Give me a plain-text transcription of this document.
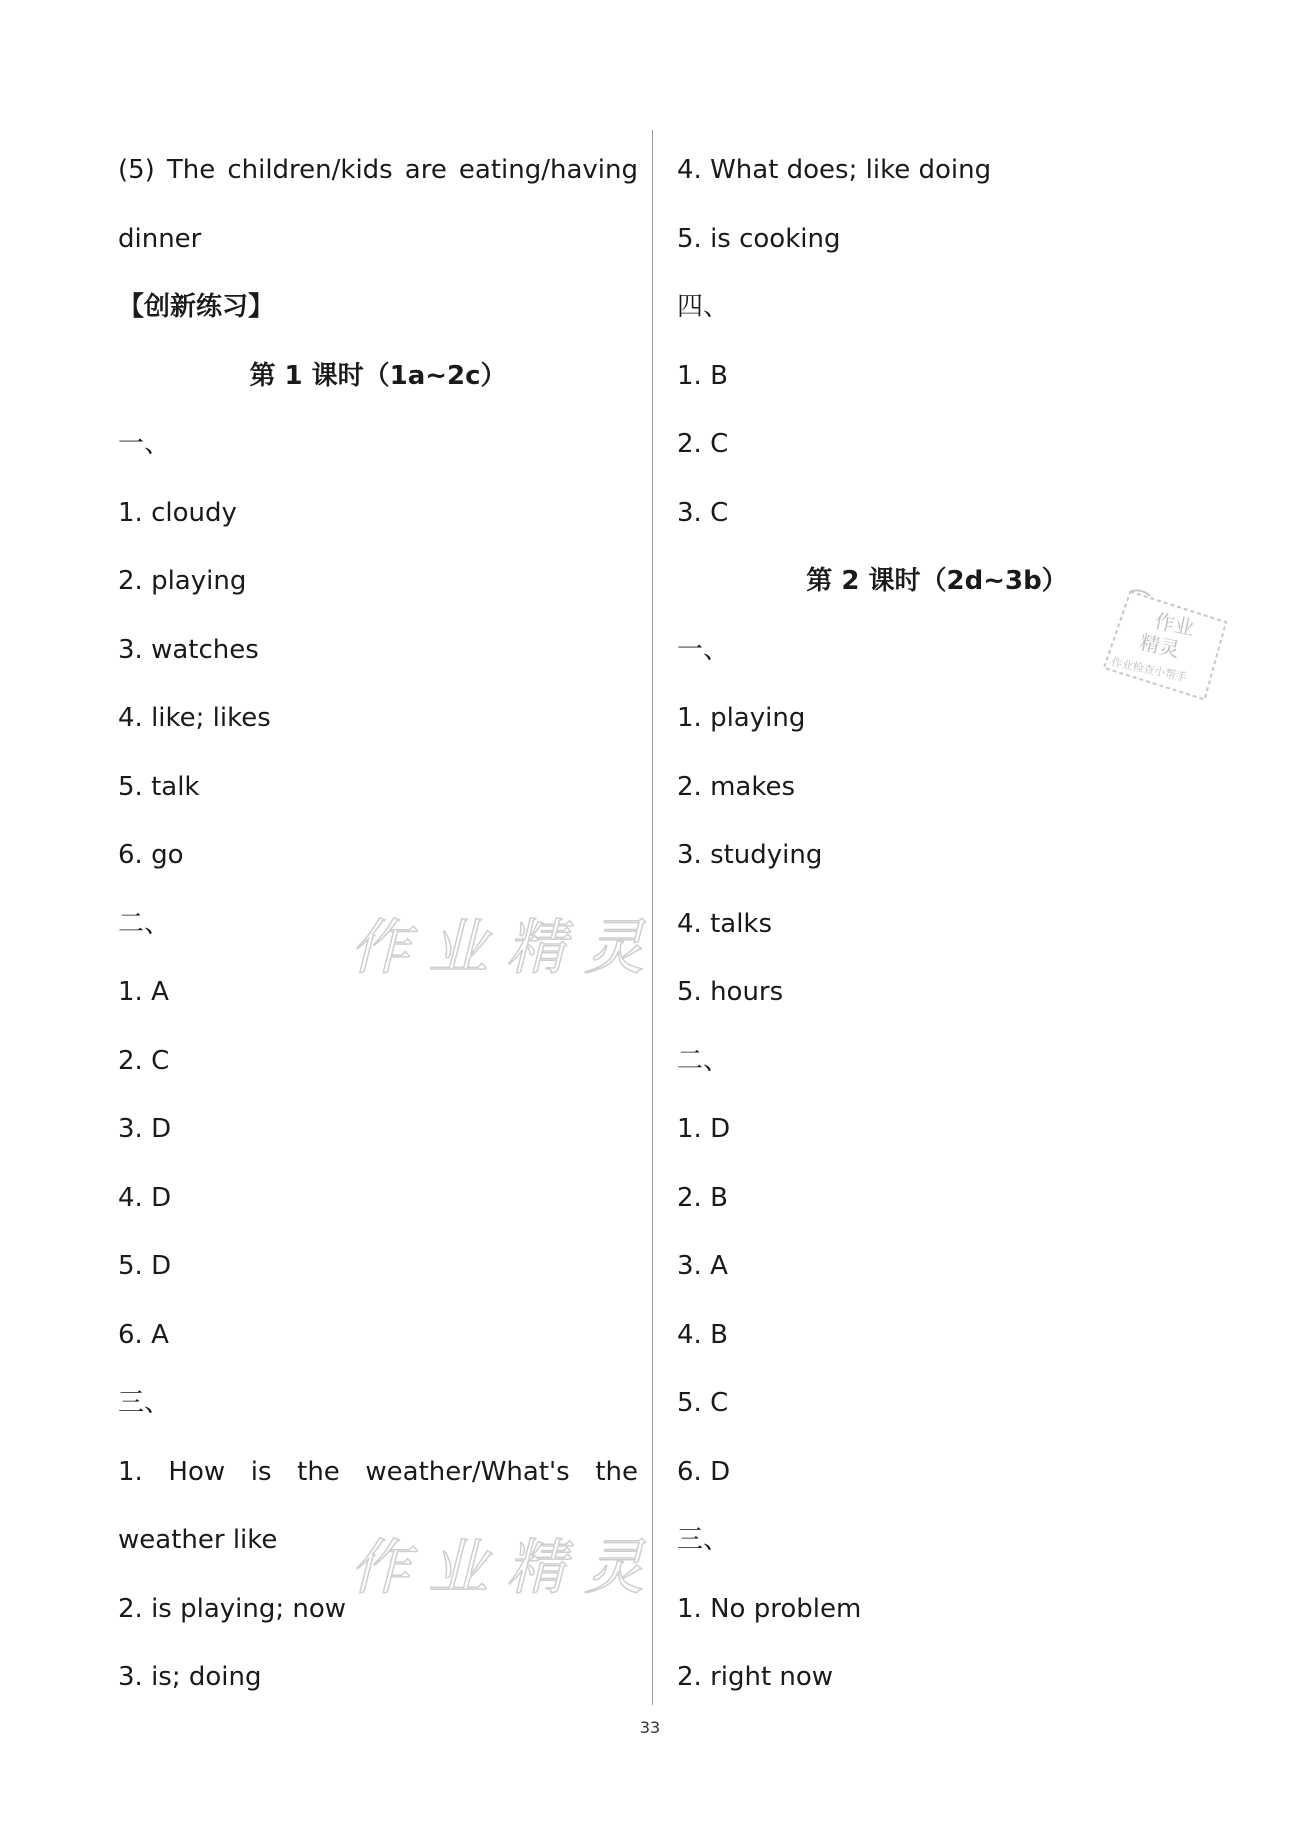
(5) The children/kids are eating/having
dinner
【创新练习】
第 1 课时（1a~2c）
一、
1. cloudy
2. playing
3. watches
4. like; likes
5. talk
6. go
二、
1. A
2. C
3. D
4. D
5. D
6. A
三、
1. How is the weather/What's the
weather like
2. is playing; now
3. is; doing
4. What does; like doing
5. is cooking
四、
1. B
2. C
3. C
第 2 课时（2d~3b）
一、
1. playing
2. makes
3. studying
4. talks
5. hours
二、
1. D
2. B
3. A
4. B
5. C
6. D
三、
1. No problem
2. right now
作业精灵
作业精灵
作业
精灵
作业检查小帮手
33
